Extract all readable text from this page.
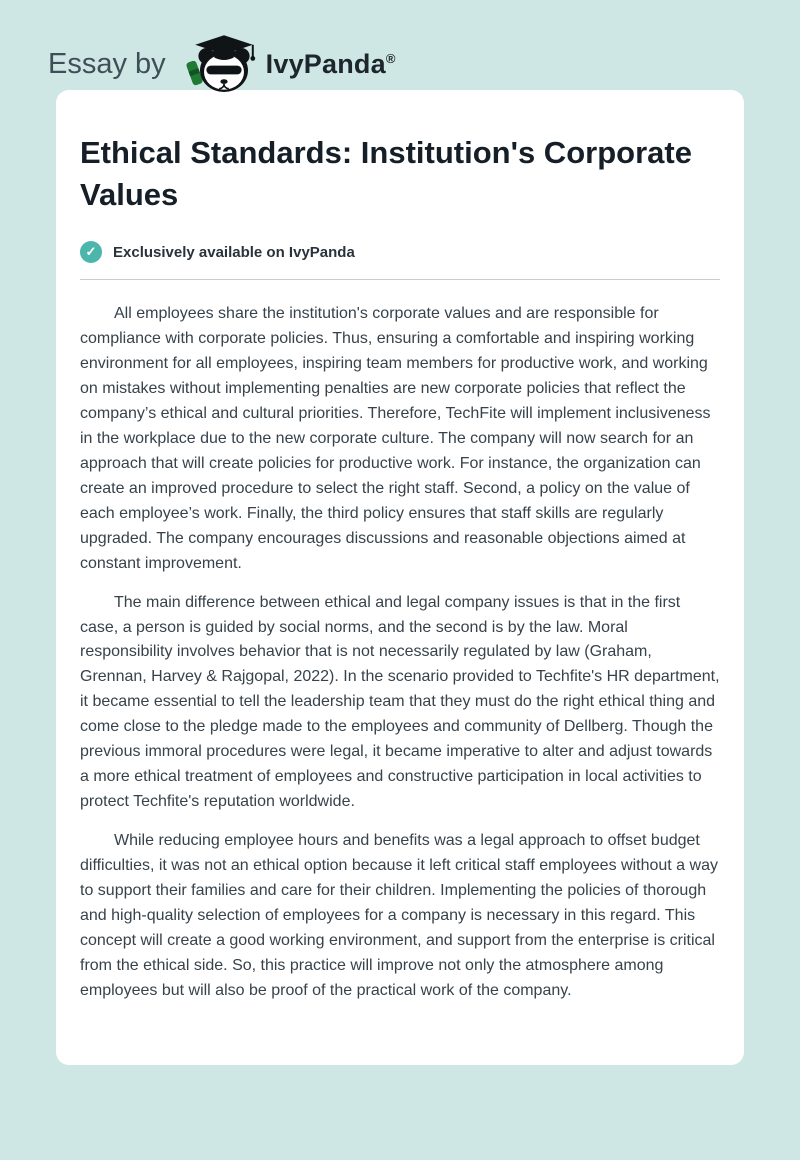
Essay by	IvyPanda®
Ethical Standards: Institution's Corporate Values
✓ Exclusively available on IvyPanda

All employees share the institution's corporate values and are responsible for compliance with corporate policies. Thus, ensuring a comfortable and inspiring working environment for all employees, inspiring team members for productive work, and working on mistakes without implementing penalties are new corporate policies that reflect the company’s ethical and cultural priorities. Therefore, TechFite will implement inclusiveness in the workplace due to the new corporate culture. The company will now search for an approach that will create policies for productive work. For instance, the organization can create an improved procedure to select the right staff. Second, a policy on the value of each employee’s work. Finally, the third policy ensures that staff skills are regularly upgraded. The company encourages discussions and reasonable objections aimed at constant improvement.

The main difference between ethical and legal company issues is that in the first case, a person is guided by social norms, and the second is by the law. Moral responsibility involves behavior that is not necessarily regulated by law (Graham, Grennan, Harvey & Rajgopal, 2022). In the scenario provided to Techfite's HR department, it became essential to tell the leadership team that they must do the right ethical thing and come close to the pledge made to the employees and community of Dellberg. Though the previous immoral procedures were legal, it became imperative to alter and adjust towards a more ethical treatment of employees and constructive participation in local activities to protect Techfite's reputation worldwide.

While reducing employee hours and benefits was a legal approach to offset budget difficulties, it was not an ethical option because it left critical staff employees without a way to support their families and care for their children. Implementing the policies of thorough and high-quality selection of employees for a company is necessary in this regard. This concept will create a good working environment, and support from the enterprise is critical from the ethical side. So, this practice will improve not only the atmosphere among employees but will also be proof of the practical work of the company.
